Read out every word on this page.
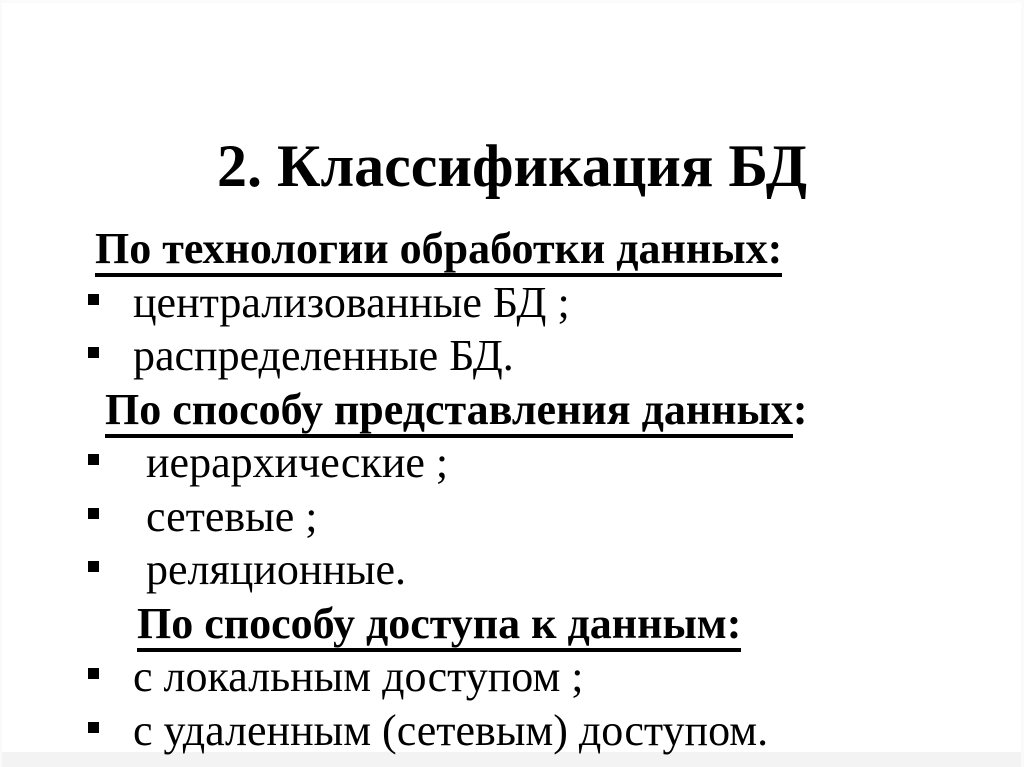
2. Классификация БД
По технологии обработки данных:
централизованные БД ;
распределенные БД.
По способу представления данных:
иерархические ;
сетевые ;
реляционные.
По способу доступа к данным:
с локальным доступом ;
с удаленным (сетевым) доступом.
